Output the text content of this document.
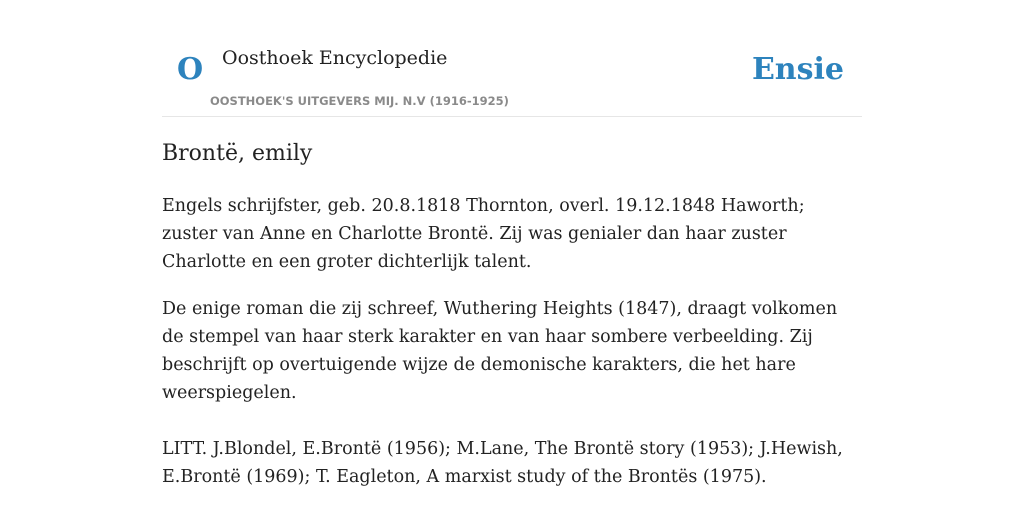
O Oosthoek Encyclopedie
OOSTHOEK'S UITGEVERS MIJ. N.V (1916-1925)
Ensie
Brontë, emily

Engels schrijfster, geb. 20.8.1818 Thornton, overl. 19.12.1848 Haworth; zuster van Anne en Charlotte Brontë. Zij was genialer dan haar zuster Charlotte en een groter dichterlijk talent.

De enige roman die zij schreef, Wuthering Heights (1847), draagt volkomen de stempel van haar sterk karakter en van haar sombere verbeelding. Zij beschrijft op overtuigende wijze de demonische karakters, die het hare weerspiegelen.

LITT. J.Blondel, E.Brontë (1956); M.Lane, The Brontë story (1953); J.Hewish, E.Brontë (1969); T. Eagleton, A marxist study of the Brontës (1975).
